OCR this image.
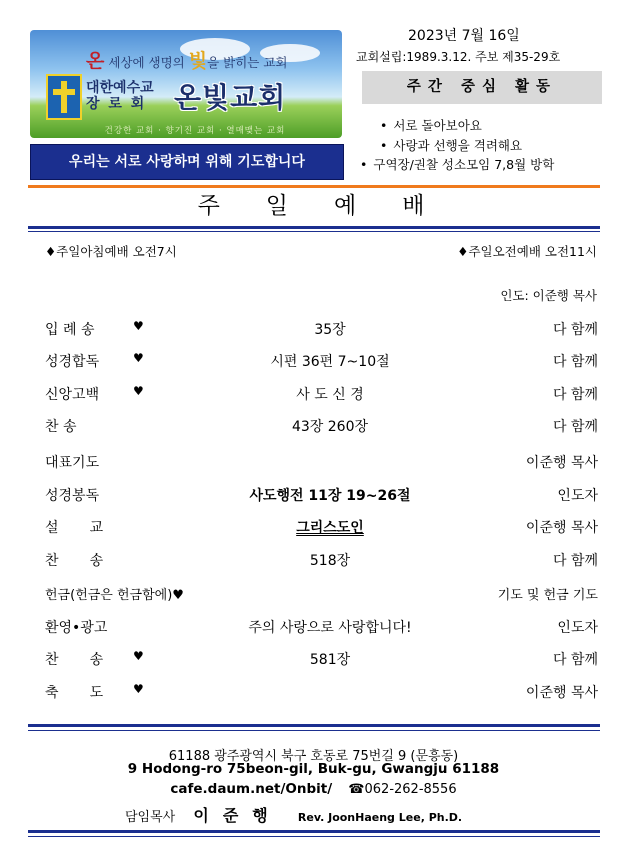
온 세상에 생명의 빛을 밝히는 교회
대한예수교
장 로 회 온빛교회
건강한 교회 · 향기진 교회 · 열매맺는 교회
우리는 서로 사랑하며 위해 기도합니다
2023년 7월 16일
교회설립:1989.3.12. 주보 제35-29호
주간 중심 활동
• 서로 돌아보아요
• 사랑과 선행을 격려해요
• 구역장/권찰 성소모임 7,8월 방학
주일예배
♦주일아침예배 오전7시	♦주일오전예배 오전11시
인도: 이준행 목사
입 례 송	♥	35장	다 함께
성경합독	♥	시편 36편 7~10절	다 함께
신앙고백	♥	사 도 신 경	다 함께
찬 송	43장 260장	다 함께
대표기도	이준행 목사
성경봉독	사도행전 11장 19~26절	인도자
설       교	그리스도인	이준행 목사
찬       송	518장	다 함께
헌금(헌금은 헌금함에)♥	기도 및 헌금 기도
환영•광고	주의 사랑으로 사랑합니다!	인도자
찬       송 ♥	581장	다 함께
축       도 ♥	이준행 목사
61188 광주광역시 북구 호동로 75번길 9 (문흥동)
9 Hodong-ro 75beon-gil, Buk-gu, Gwangju 61188
cafe.daum.net/Onbit/ ☎062-262-8556
담임목사 이준행 Rev. JoonHaeng Lee, Ph.D.
